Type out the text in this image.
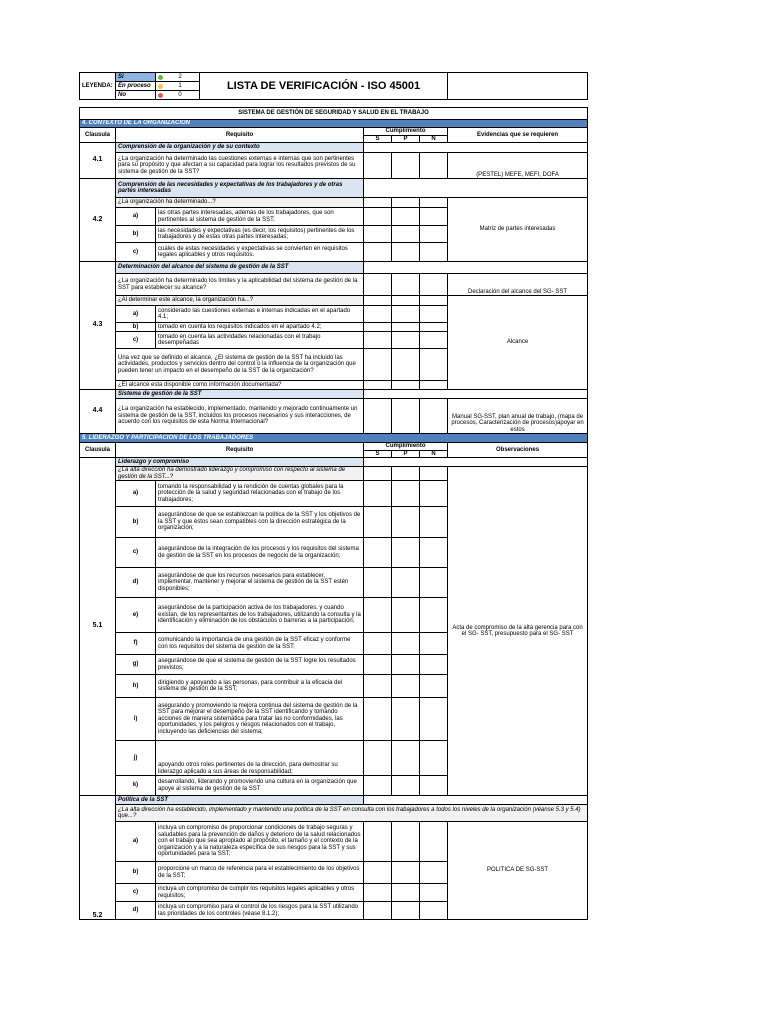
LEYENDA:	Si	2	LISTA DE VERIFICACIÓN - ISO 45001				
	En proceso	1					
	No	0					

SISTEMA DE GESTIÓN DE SEGURIDAD Y SALUD EN EL TRABAJO							
4. CONTEXTO DE LA ORGANIZACIÓN							
Clausula	Requisito			Cumplimiento			Evidencias que se requieren
				S	P	N	
4.1	Comprensión de la organización y de su contexto						
	¿La organización ha determinado las cuestiones externas e internas que son pertinentes para su propósito y que afectan a su capacidad para lograr los resultados previstos de su sistema de gestión de la SST?						(PESTEL) MEFE, MEFI, DOFA
4.2	Comprensión de las necesidades y expectativas de los trabajadores y de otras partes interesadas						
	¿La organización ha determinado...?						Matriz de partes interesadas
	a)	las otras partes interesadas, además de los trabajadores, que son pertinentes al sistema de gestión de la SST;					
	b)	las necesidades y expectativas (es decir, los requisitos) pertinentes de los trabajadores y de estas otras partes interesadas;					
	c)	cuáles de estas necesidades y expectativas se convierten en requisitos legales aplicables y otros requisitos.					
4.3	Determinación del alcance del sistema de gestión de la SST						
	¿La organización ha determinado los límites y la aplicabilidad del sistema de gestión de la SST para establecer su alcance?						Declaración del alcance del SG- SST
	¿Al determinar este alcance, la organización ha...?						Alcance
	a)	considerado las cuestiones externas e internas indicadas en el apartado 4.1;					
	b)	tomado en cuenta los requisitos indicados en el apartado 4.2;					
	c)	tomado en cuenta las actividades relacionadas con el trabajo desempeñadas					
	Una vez que se definido el alcance, ¿El sistema de gestión de la SST ha incluido las actividades, productos y servicios dentro del control o la influencia de la organización que pueden tener un impacto en el desempeño de la SST de la organización?						
	¿El alcance esta disponible como información documentada?						
4.4	Sistema de gestión de la SST						
	¿La organización ha establecido, implementado, mantenido y mejorado continuamente un sistema de gestión de la SST, incluidos los procesos necesarios y sus interacciones, de acuerdo con los requisitos de esta Norma Internacional?						Manual SG-SST, plan anual de trabajo, (mapa de procesos, Caracterización de procesos)apoyar en estos
5. LIDERAZGO Y PARTICIPACIÓN DE LOS TRABAJADORES							
Clausula	Requisito			Cumplimiento			Observaciones
				S	P	N	
5.1	Liderazgo y compromiso						
	¿La alta dirección ha demostrado liderazgo y compromiso con respecto al sistema de gestión de la SST...?						Acta de compromiso de la alta gerencia para con el SG- SST, presupuesto para el SG- SST
	a)	tomando la responsabilidad y la rendición de cuentas globales para la protección de la salud y seguridad relacionadas con el trabajo de los trabajadores;					
	b)	asegurándose de que se establezcan la política de la SST y los objetivos de la SST y que éstos sean compatibles con la dirección estratégica de la organización;					
	c)	asegurándose de la integración de los procesos y los requisitos del sistema de gestión de la SST en los procesos de negocio de la organización;					
	d)	asegurándose de que los recursos necesarios para establecer, implementar, mantener y mejorar el sistema de gestión de la SST estén disponibles;					
	e)	asegurándose de la participación activa de los trabajadores, y cuando existan, de los representantes de los trabajadores, utilizando la consulta y la identificación y eliminación de los obstáculos o barreras a la participación;					
	f)	comunicando la importancia de una gestión de la SST eficaz y conforme con los requisitos del sistema de gestión de la SST;					
	g)	asegurándose de que el sistema de gestión de la SST logre los resultados previstos;					
	h)	dirigiendo y apoyando a las personas, para contribuir a la eficacia del sistema de gestión de la SST;					
	i)	asegurando y promoviendo la mejora continua del sistema de gestión de la SST para mejorar el desempeño de la SST identificando y tomando acciones de manera sistemática para tratar las no conformidades, las oportunidades, y los peligros y riesgos relacionados con el trabajo, incluyendo las deficiencias del sistema;					
	j)	apoyando otros roles pertinentes de la dirección, para demostrar su liderazgo aplicado a sus áreas de responsabilidad;					
	k)	desarrollando, liderando y promoviendo una cultura en la organización que apoye al sistema de gestión de la SST					
5.2	Política de la SST						
	¿La alta dirección ha establecido, implementado y mantenido una política de la SST en consulta con los trabajadores a todos los niveles de la organización (véanse 5.3 y 5.4) que...?						
	a)	incluya un compromiso de proporcionar condiciones de trabajo seguras y saludables para la prevención de daños y deterioro de la salud relacionados con el trabajo que sea apropiado al propósito, el tamaño y el contexto de la organización y a la naturaleza específica de sus riesgos para la SST y sus oportunidades para la SST;					POLITICA DE SG-SST
	b)	proporcione un marco de referencia para el establecimiento de los objetivos de la SST;					
	c)	incluya un compromiso de cumplir los requisitos legales aplicables y otros requisitos;					
	d)	incluya un compromiso para el control de los riesgos para la SST utilizando las prioridades de los controles (véase 8.1.2);					
